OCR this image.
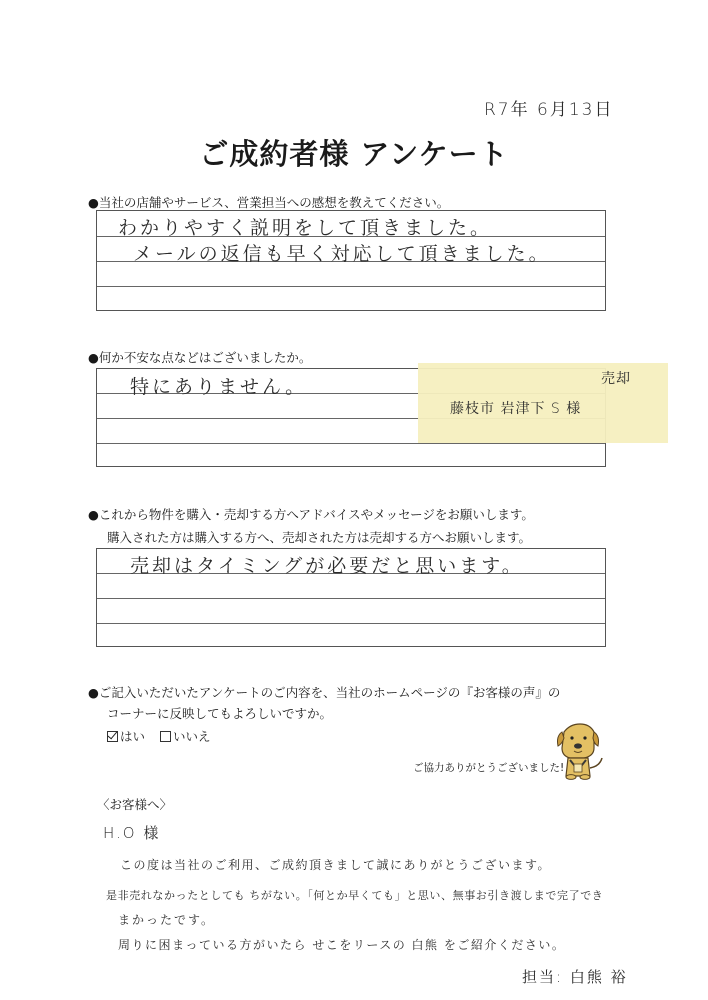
R7年 6月13日
ご成約者様 アンケート
●当社の店舗やサービス、営業担当への感想を教えてください。
わかりやすく説明をして頂きました。
メールの返信も早く対応して頂きました。
●何か不安な点などはございましたか。
特にありません。	売却
藤枝市 岩津下 S 様
●これから物件を購入・売却する方へアドバイスやメッセージをお願いします。
購入された方は購入する方へ、売却された方は売却する方へお願いします。
売却はタイミングが必要だと思います。
●ご記入いただいたアンケートのご内容を、当社のホームページの『お客様の声』の
コーナーに反映してもよろしいですか。
はい	いいえ
ご協力ありがとうございました!
〈お客様へ〉
H.O 様
この度は当社のご利用、ご成約頂きまして誠にありがとうございます。
是非売れなかったとしても ちがない。「何とか早くても」と思い、無事お引き渡しまで完了でき
まかったです。
周りに困まっている方がいたら せこをリースの 白熊 をご紹介ください。
担当: 白熊 裕
